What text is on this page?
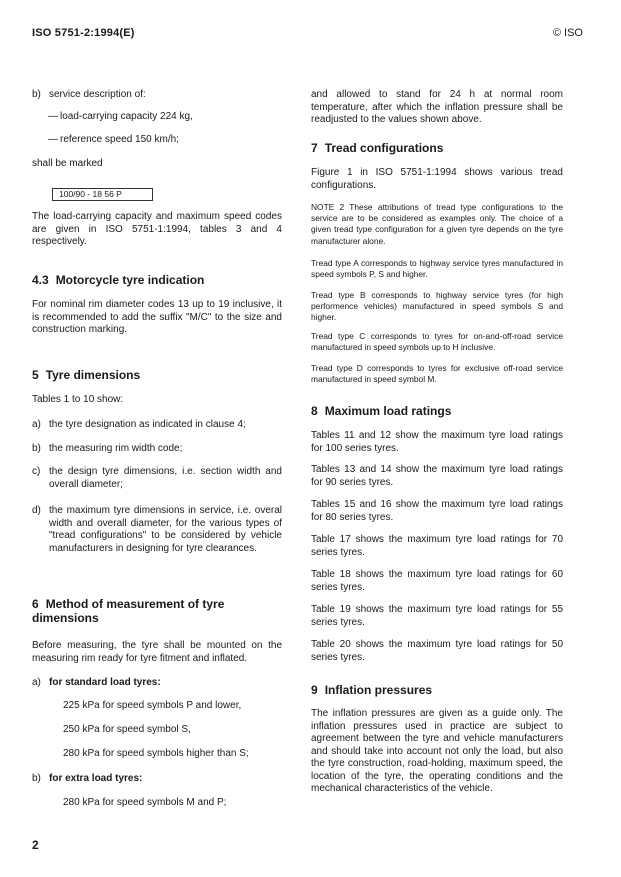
ISO 5751-2:1994(E)	© ISO
b) service description of:
— load-carrying capacity 224 kg,
— reference speed 150 km/h;
shall be marked
100/90 - 18 56 P
The load-carrying capacity and maximum speed codes are given in ISO 5751-1:1994, tables 3 and 4 respectively.
4.3 Motorcycle tyre indication
For nominal rim diameter codes 13 up to 19 inclusive, it is recommended to add the suffix "M/C" to the size and construction marking.
5 Tyre dimensions
Tables 1 to 10 show:
a) the tyre designation as indicated in clause 4;
b) the measuring rim width code;
c) the design tyre dimensions, i.e. section width and overall diameter;
d) the maximum tyre dimensions in service, i.e. overal width and overall diameter, for the various types of "tread configurations" to be considered by vehicle manufacturers in designing for tyre clearances.
6 Method of measurement of tyre dimensions
Before measuring, the tyre shall be mounted on the measuring rim ready for tyre fitment and inflated.
a) for standard load tyres:
225 kPa for speed symbols P and lower,
250 kPa for speed symbol S,
280 kPa for speed symbols higher than S;
b) for extra load tyres:
280 kPa for speed symbols M and P;
and allowed to stand for 24 h at normal room temperature, after which the inflation pressure shall be readjusted to the values shown above.
7 Tread configurations
Figure 1 in ISO 5751-1:1994 shows various tread configurations.
NOTE 2 These attributions of tread type configurations to the service are to be considered as examples only. The choice of a given tread type configuration for a given tyre depends on the tyre manufacturer alone.
Tread type A corresponds to highway service tyres manufactured in speed symbols P, S and higher.
Tread type B corresponds to highway service tyres (for high performence vehicles) manufactured in speed symbols S and higher.
Tread type C corresponds to tyres for on-and-off-road service manufactured in speed symbols up to H inclusive.
Tread type D corresponds to tyres for exclusive off-road service manufactured in speed symbol M.
8 Maximum load ratings
Tables 11 and 12 show the maximum tyre load ratings for 100 series tyres.
Tables 13 and 14 show the maximum tyre load ratings for 90 series tyres.
Tables 15 and 16 show the maximum tyre load ratings for 80 series tyres.
Table 17 shows the maximum tyre load ratings for 70 series tyres.
Table 18 shows the maximum tyre load ratings for 60 series tyres.
Table 19 shows the maximum tyre load ratings for 55 series tyres.
Table 20 shows the maximum tyre load ratings for 50 series tyres.
9 Inflation pressures
The inflation pressures are given as a guide only. The inflation pressures used in practice are subject to agreement between the tyre and vehicle manufacturers and should take into account not only the load, but also the tyre construction, road-holding, maximum speed, the location of the tyre, the operating conditions and the mechanical characteristics of the vehicle.
2
